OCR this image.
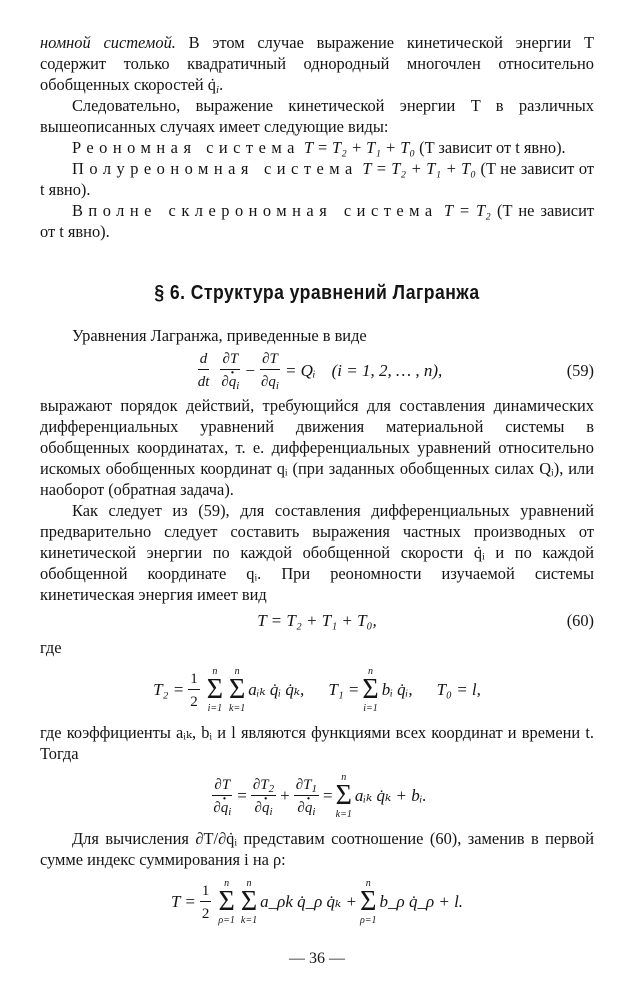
номной системой. В этом случае выражение кинетической энергии T содержит только квадратичный однородный многочлен относительно обобщенных скоростей $q̇_i$.

Следовательно, выражение кинетической энергии T в различных вышеописанных случаях имеет следующие виды:

Реономная система T = T₂ + T₁ + T₀ (T зависит от t явно).

Полуреономная система T = T₂ + T₁ + T₀ (T не зависит от t явно).

Вполне склерономная система T = T₂ (T не зависит от t явно).

§ 6. Структура уравнений Лагранжа

Уравнения Лагранжа, приведенные в виде

$\frac{d}{dt} \frac{\partial T}{\partial\cdot q_i} - \frac{\partial T}{\partial q_i}$ = Qᵢ (i = 1, 2, … , n),	(59)

выражают порядок действий, требующийся для составления динамических дифференциальных уравнений движения материальной системы в обобщенных координатах, т. е. дифференциальных уравнений относительно искомых обобщенных координат qᵢ (при заданных обобщенных силах Qᵢ), или наоборот (обратная задача).

Как следует из (59), для составления дифференциальных уравнений предварительно следует составить выражения частных производных от кинетической энергии по каждой обобщенной скорости q̇ᵢ и по каждой обобщенной координате qᵢ. При реономности изучаемой системы кинетическая энергия имеет вид

T = T₂ + T₁ + T₀,	(60)

где

$T_2 = \frac{1}{2}$ n
Σ
i=1
n
Σ
k=1
aᵢₖ q̇ᵢ q̇ₖ, T₁ =
n
Σ
i=1
bᵢ q̇ᵢ, T₀ = l,

где коэффициенты aᵢₖ, bᵢ и l являются функциями всех координат и времени t. Тогда

$\frac{\partial T}{\partial\cdot q_i} = \frac{\partial T_2}{\partial\cdot q_i} + \frac{\partial T_1}{\partial\cdot q_i}$ =
n
Σ
k=1
aᵢₖ q̇ₖ + bᵢ.

Для вычисления ∂T/∂q̇ᵢ представим соотношение (60), заменив в первой сумме индекс суммирования i на ρ:

$T = \frac{1}{2}$ n
Σ
ρ=1
n
Σ
k=1
a_ρk q̇_ρ q̇ₖ +
n
Σ
ρ=1
b_ρ q̇_ρ + l.
— 36 —
